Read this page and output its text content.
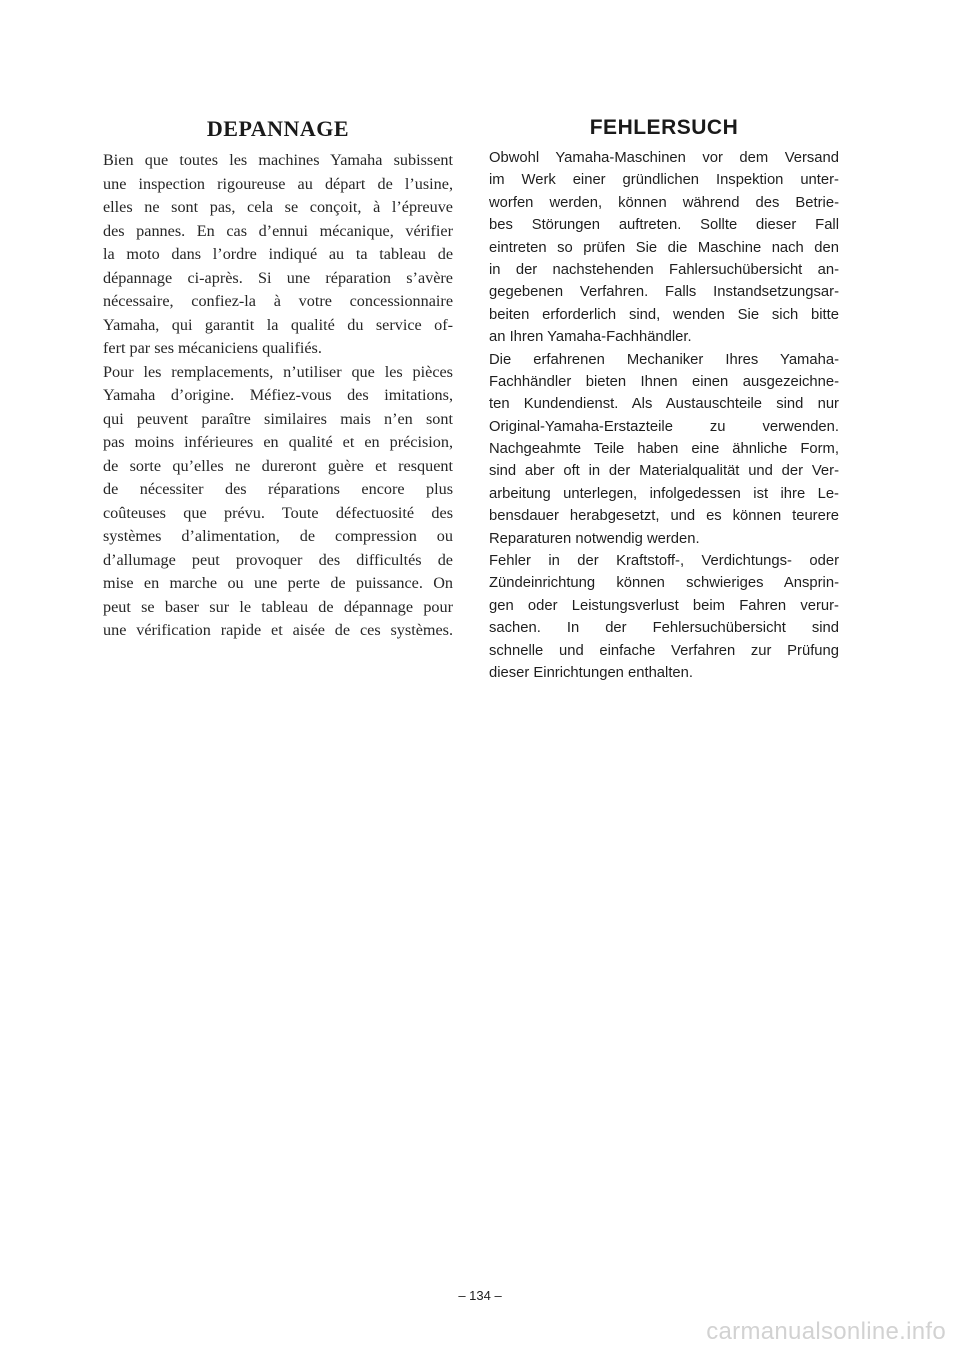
DEPANNAGE
Bien que toutes les machines Yamaha subissent
une inspection rigoureuse au départ de l’usine,
elles ne sont pas, cela se conçoit, à l’épreuve
des pannes. En cas d’ennui mécanique, vérifier
la moto dans l’ordre indiqué au ta tableau de
dépannage ci-après. Si une réparation s’avère
nécessaire, confiez-la à votre concessionnaire
Yamaha, qui garantit la qualité du service of-
fert par ses mécaniciens qualifiés.
Pour les remplacements, n’utiliser que les pièces
Yamaha d’origine. Méfiez-vous des imitations,
qui peuvent paraître similaires mais n’en sont
pas moins inférieures en qualité et en précision,
de sorte qu’elles ne dureront guère et resquent
de nécessiter des réparations encore plus
coûteuses que prévu. Toute défectuosité des
systèmes d’alimentation, de compression ou
d’allumage peut provoquer des difficultés de
mise en marche ou une perte de puissance. On
peut se baser sur le tableau de dépannage pour
une vérification rapide et aisée de ces systèmes.
FEHLERSUCH
Obwohl Yamaha-Maschinen vor dem Versand
im Werk einer gründlichen Inspektion unter-
worfen werden, können während des Betrie-
bes Störungen auftreten. Sollte dieser Fall
eintreten so prüfen Sie die Maschine nach den
in der nachstehenden Fahlersuchübersicht an-
gegebenen Verfahren. Falls Instandsetzungsar-
beiten erforderlich sind, wenden Sie sich bitte
an Ihren Yamaha-Fachhändler.
Die erfahrenen Mechaniker Ihres Yamaha-
Fachhändler bieten Ihnen einen ausgezeichne-
ten Kundendienst. Als Austauschteile sind nur
Original-Yamaha-Erstazteile zu verwenden.
Nachgeahmte Teile haben eine ähnliche Form,
sind aber oft in der Materialqualität und der Ver-
arbeitung unterlegen, infolgedessen ist ihre Le-
bensdauer herabgesetzt, und es können teurere
Reparaturen notwendig werden.
Fehler in der Kraftstoff-, Verdichtungs- oder
Zündeinrichtung können schwieriges Ansprin-
gen oder Leistungsverlust beim Fahren verur-
sachen. In der Fehlersuchübersicht sind
schnelle und einfache Verfahren zur Prüfung
dieser Einrichtungen enthalten.
– 134 –
carmanualsonline.info
